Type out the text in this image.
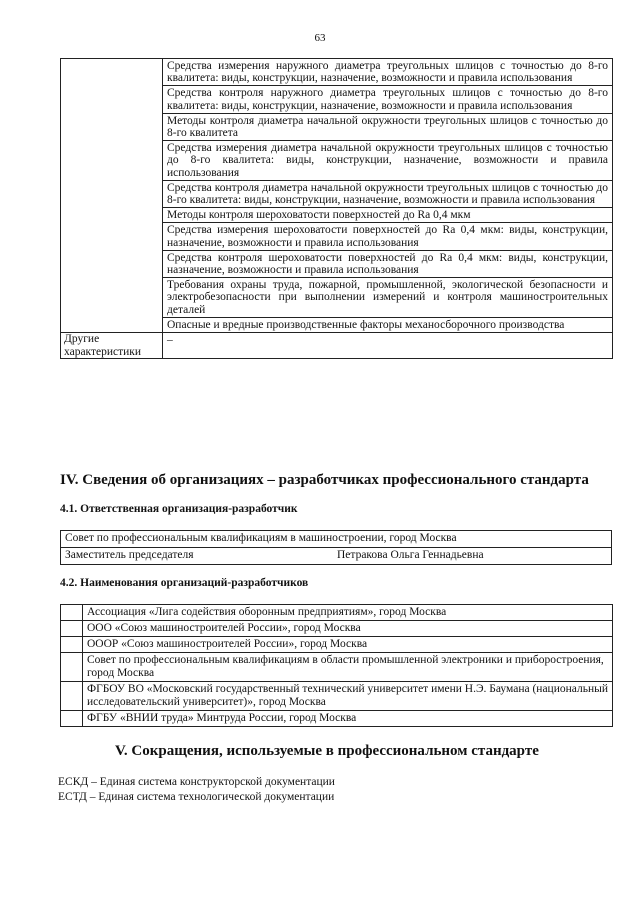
63
	Средства измерения наружного диаметра треугольных шлицов с точностью до 8-го квалитета: виды, конструкции, назначение, возможности и правила использования
	Средства контроля наружного диаметра треугольных шлицов с точностью до 8-го квалитета: виды, конструкции, назначение, возможности и правила использования
	Методы контроля диаметра начальной окружности треугольных шлицов с точностью до 8-го квалитета
	Средства измерения диаметра начальной окружности треугольных шлицов с точностью до 8-го квалитета: виды, конструкции, назначение, возможности и правила использования
	Средства контроля диаметра начальной окружности треугольных шлицов с точностью до 8-го квалитета: виды, конструкции, назначение, возможности и правила использования
	Методы контроля шероховатости поверхностей до Ra 0,4 мкм
	Средства измерения шероховатости поверхностей до Ra 0,4 мкм: виды, конструкции, назначение, возможности и правила использования
	Средства контроля шероховатости поверхностей до Ra 0,4 мкм: виды, конструкции, назначение, возможности и правила использования
	Требования охраны труда, пожарной, промышленной, экологической безопасности и электробезопасности при выполнении измерений и контроля машиностроительных деталей
	Опасные и вредные производственные факторы механосборочного производства
Другие характеристики	–
IV. Сведения об организациях – разработчиках профессионального стандарта
4.1. Ответственная организация-разработчик
Совет по профессиональным квалификациям в машиностроении, город Москва
Заместитель председателя	Петракова Ольга Геннадьевна
4.2. Наименования организаций-разработчиков
	Ассоциация «Лига содействия оборонным предприятиям», город Москва
	ООО «Союз машиностроителей России», город Москва
	ОООР «Союз машиностроителей России», город Москва
	Совет по профессиональным квалификациям в области промышленной электроники и приборостроения, город Москва
	ФГБОУ ВО «Московский государственный технический университет имени Н.Э. Баумана (национальный исследовательский университет)», город Москва
	ФГБУ «ВНИИ труда» Минтруда России, город Москва
V. Сокращения, используемые в профессиональном стандарте
ЕСКД – Единая система конструкторской документации
ЕСТД – Единая система технологической документации
